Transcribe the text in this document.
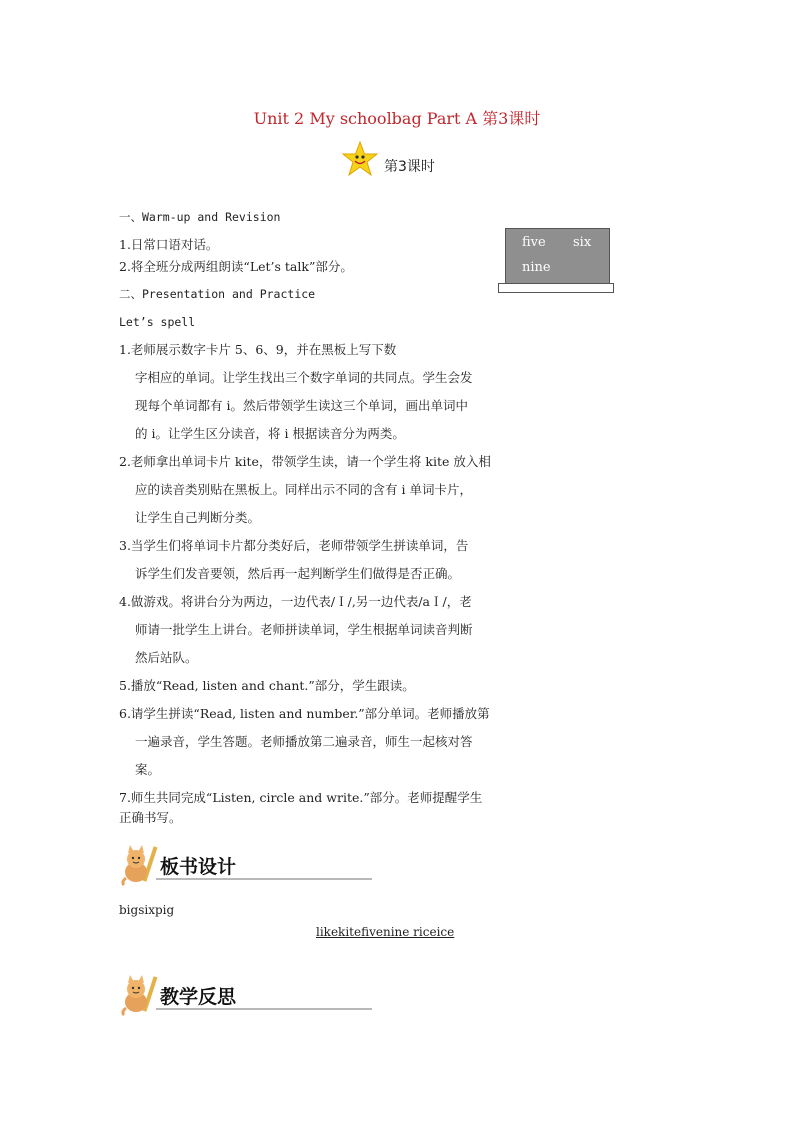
Unit 2 My schoolbag Part A 第3课时
第3课时
five six
nine
一、Warm-up and Revision
1.日常口语对话。
2.将全班分成两组朗读“Let’s talk”部分。
二、Presentation and Practice
Let’s spell
1.老师展示数字卡片 5、6、9，并在黑板上写下数
字相应的单词。让学生找出三个数字单词的共同点。学生会发
现每个单词都有 i。然后带领学生读这三个单词，画出单词中
的 i。让学生区分读音，将 i 根据读音分为两类。
2.老师拿出单词卡片 kite，带领学生读，请一个学生将 kite 放入相
应的读音类别贴在黑板上。同样出示不同的含有 i 单词卡片，
让学生自己判断分类。
3.当学生们将单词卡片都分类好后，老师带领学生拼读单词，告
诉学生们发音要领，然后再一起判断学生们做得是否正确。
4.做游戏。将讲台分为两边，一边代表/Ｉ/,另一边代表/aＩ/，老
师请一批学生上讲台。老师拼读单词，学生根据单词读音判断
然后站队。
5.播放“Read, listen and chant.”部分，学生跟读。
6.请学生拼读“Read, listen and number.”部分单词。老师播放第
一遍录音，学生答题。老师播放第二遍录音，师生一起核对答
案。
7.师生共同完成“Listen, circle and write.”部分。老师提醒学生
正确书写。
板书设计
bigsixpig
likekitefivenine riceice
教学反思
